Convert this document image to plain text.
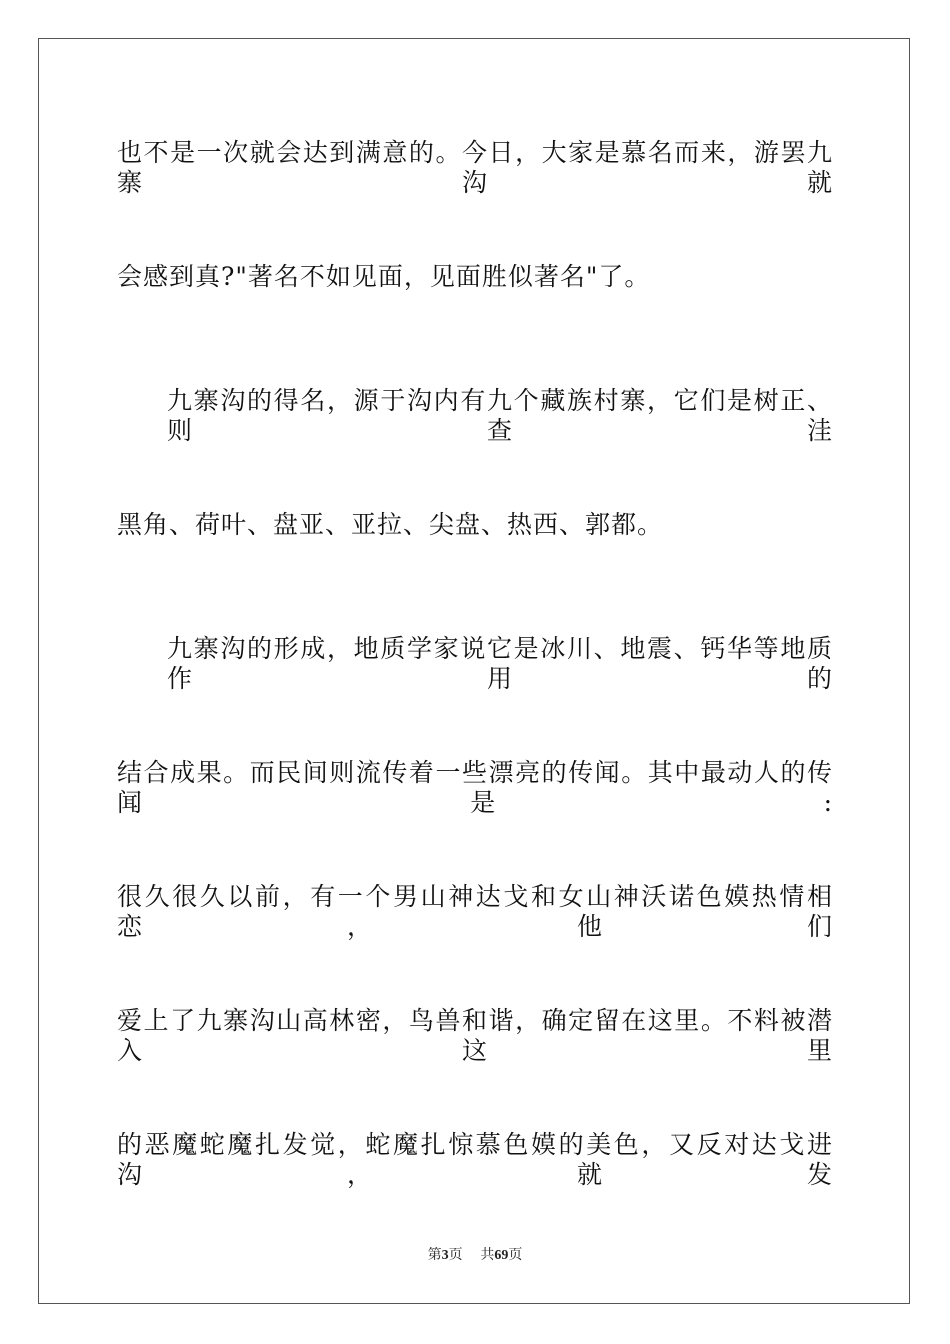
也不是一次就会达到满意的。今日，大家是慕名而来，游罢九寨沟就
会感到真?"著名不如见面，见面胜似著名"了。
九寨沟的得名，源于沟内有九个藏族村寨，它们是树正、则查洼
黑角、荷叶、盘亚、亚拉、尖盘、热西、郭都。
九寨沟的形成，地质学家说它是冰川、地震、钙华等地质作用的
结合成果。而民间则流传着一些漂亮的传闻。其中最动人的传闻是:
很久很久以前，有一个男山神达戈和女山神沃诺色嫫热情相恋，他们
爱上了九寨沟山高林密，鸟兽和谐，确定留在这里。不料被潜入这里
的恶魔蛇魔扎发觉，蛇魔扎惊慕色嫫的美色，又反对达戈进沟，就发
第3页 共69页
